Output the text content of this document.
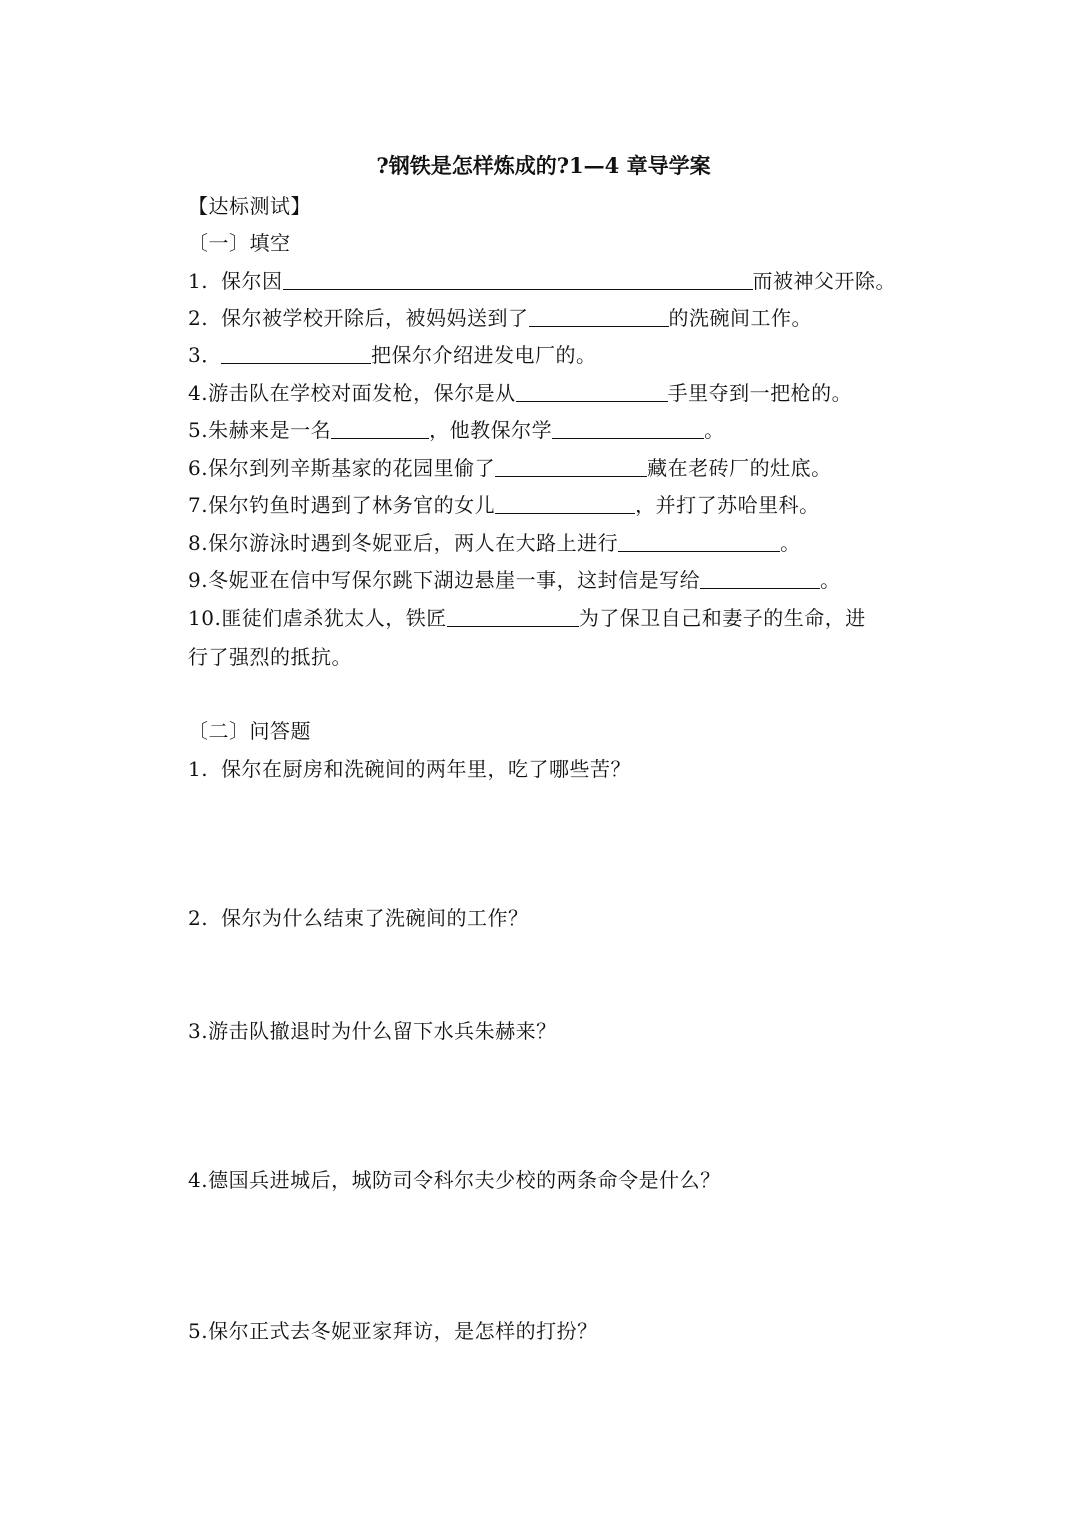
?钢铁是怎样炼成的?1—4 章导学案
【达标测试】
〔一〕填空
1. 保尔因	而被神父开除。
2. 保尔被学校开除后，被妈妈送到了	的洗碗间工作。
3．	把保尔介绍进发电厂的。
4.游击队在学校对面发枪，保尔是从	手里夺到一把枪的。
5.朱赫来是一名	，他教保尔学	。
6.保尔到列辛斯基家的花园里偷了	藏在老砖厂的灶底。
7.保尔钓鱼时遇到了林务官的女儿	，并打了苏哈里科。
8.保尔游泳时遇到冬妮亚后，两人在大路上进行	。
9.冬妮亚在信中写保尔跳下湖边悬崖一事，这封信是写给	。
10.匪徒们虐杀犹太人，铁匠	为了保卫自己和妻子的生命，进
行了强烈的抵抗。
〔二〕问答题
1. 保尔在厨房和洗碗间的两年里，吃了哪些苦？
2. 保尔为什么结束了洗碗间的工作？
3.游击队撤退时为什么留下水兵朱赫来？
4.德国兵进城后，城防司令科尔夫少校的两条命令是什么？
5.保尔正式去冬妮亚家拜访，是怎样的打扮？
